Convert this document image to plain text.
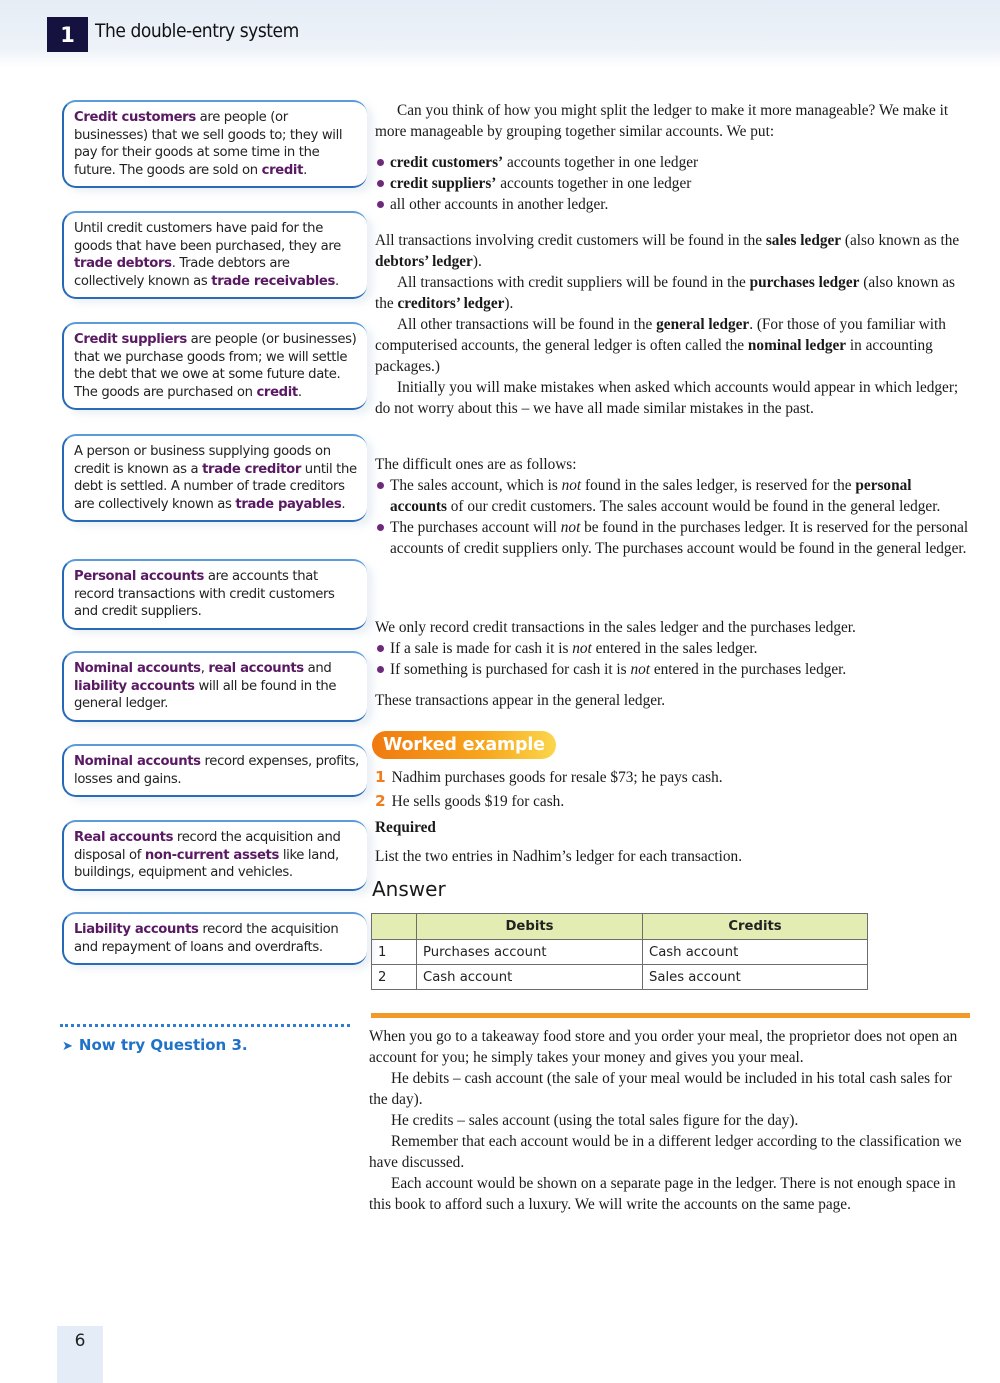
1	The double-entry system
Credit customers are people (or businesses) that we sell goods to; they will pay for their goods at some time in the future. The goods are sold on credit.
Until credit customers have paid for the goods that have been purchased, they are trade debtors. Trade debtors are collectively known as trade receivables.
Credit suppliers are people (or businesses) that we purchase goods from; we will settle the debt that we owe at some future date. The goods are purchased on credit.
A person or business supplying goods on credit is known as a trade creditor until the debt is settled. A number of trade creditors are collectively known as trade payables.
Personal accounts are accounts that record transactions with credit customers and credit suppliers.
Nominal accounts, real accounts and liability accounts will all be found in the general ledger.
Nominal accounts record expenses, profits, losses and gains.
Real accounts record the acquisition and disposal of non-current assets like land, buildings, equipment and vehicles.
Liability accounts record the acquisition and repayment of loans and overdrafts.
➤ Now try Question 3.

Can you think of how you might split the ledger to make it more manageable? We make it more manageable by grouping together similar accounts. We put:

credit customers’ accounts together in one ledger

credit suppliers’ accounts together in one ledger

all other accounts in another ledger.

All transactions involving credit customers will be found in the sales ledger (also known as the debtors’ ledger).

All transactions with credit suppliers will be found in the purchases ledger (also known as the creditors’ ledger).

All other transactions will be found in the general ledger. (For those of you familiar with computerised accounts, the general ledger is often called the nominal ledger in accounting packages.)

Initially you will make mistakes when asked which accounts would appear in which ledger; do not worry about this – we have all made similar mistakes in the past.

The difficult ones are as follows:

The sales account, which is not found in the sales ledger, is reserved for the personal accounts of our credit customers. The sales account would be found in the general ledger.

The purchases account will not be found in the purchases ledger. It is reserved for the personal accounts of credit suppliers only. The purchases account would be found in the general ledger.

We only record credit transactions in the sales ledger and the purchases ledger.

If a sale is made for cash it is not entered in the sales ledger.

If something is purchased for cash it is not entered in the purchases ledger.

These transactions appear in the general ledger.

Worked example

1 Nadhim purchases goods for resale $73; he pays cash.

2 He sells goods $19 for cash.

Required

List the two entries in Nadhim’s ledger for each transaction.

Answer
	Debits	Credits
1	Purchases account	Cash account
2	Cash account	Sales account

When you go to a takeaway food store and you order your meal, the proprietor does not open an account for you; he simply takes your money and gives you your meal.

He debits – cash account (the sale of your meal would be included in his total cash sales for the day).

He credits – sales account (using the total sales figure for the day).

Remember that each account would be in a different ledger according to the classification we have discussed.

Each account would be shown on a separate page in the ledger. There is not enough space in this book to afford such a luxury. We will write the accounts on the same page.

6
